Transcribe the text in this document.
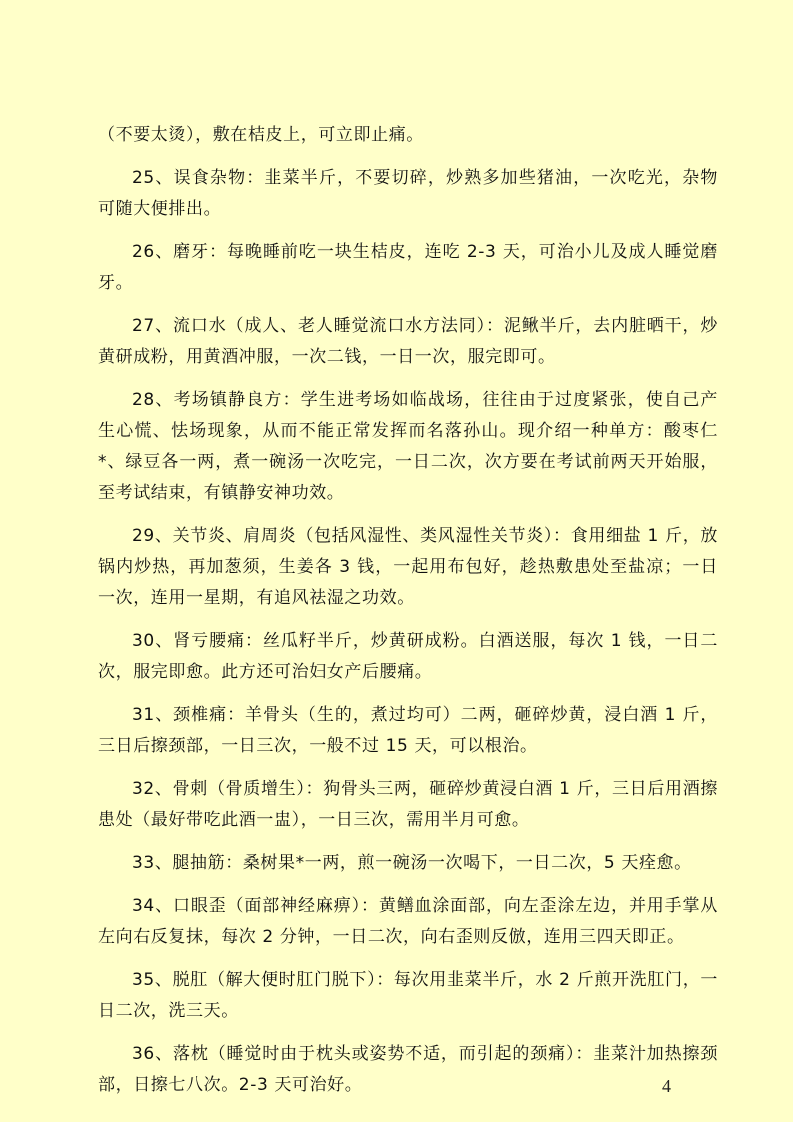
（不要太烫），敷在桔皮上，可立即止痛。

25、误食杂物：韭菜半斤，不要切碎，炒熟多加些猪油，一次吃光，杂物可随大便排出。

26、磨牙：每晚睡前吃一块生桔皮，连吃 2-3 天，可治小儿及成人睡觉磨牙。

27、流口水（成人、老人睡觉流口水方法同）：泥鳅半斤，去内脏晒干，炒黄研成粉，用黄酒冲服，一次二钱，一日一次，服完即可。

28、考场镇静良方：学生进考场如临战场，往往由于过度紧张，使自己产生心慌、怯场现象，从而不能正常发挥而名落孙山。现介绍一种单方：酸枣仁*、绿豆各一两，煮一碗汤一次吃完，一日二次，次方要在考试前两天开始服，至考试结束，有镇静安神功效。

29、关节炎、肩周炎（包括风湿性、类风湿性关节炎）：食用细盐 1 斤，放锅内炒热，再加葱须，生姜各 3 钱，一起用布包好，趁热敷患处至盐凉；一日一次，连用一星期，有追风祛湿之功效。

30、肾亏腰痛：丝瓜籽半斤，炒黄研成粉。白酒送服，每次 1 钱，一日二次，服完即愈。此方还可治妇女产后腰痛。

31、颈椎痛：羊骨头（生的，煮过均可）二两，砸碎炒黄，浸白酒 1 斤，三日后擦颈部，一日三次，一般不过 15 天，可以根治。

32、骨刺（骨质增生）：狗骨头三两，砸碎炒黄浸白酒 1 斤，三日后用酒擦患处（最好带吃此酒一盅），一日三次，需用半月可愈。

33、腿抽筋：桑树果*一两，煎一碗汤一次喝下，一日二次，5 天痊愈。

34、口眼歪（面部神经麻痹）：黄鳝血涂面部，向左歪涂左边，并用手掌从左向右反复抹，每次 2 分钟，一日二次，向右歪则反倣，连用三四天即正。

35、脱肛（解大便时肛门脱下）：每次用韭菜半斤，水 2 斤煎开洗肛门，一日二次，洗三天。

36、落枕（睡觉时由于枕头或姿势不适，而引起的颈痛）：韭菜汁加热擦颈部，日擦七八次。2-3 天可治好。	4
